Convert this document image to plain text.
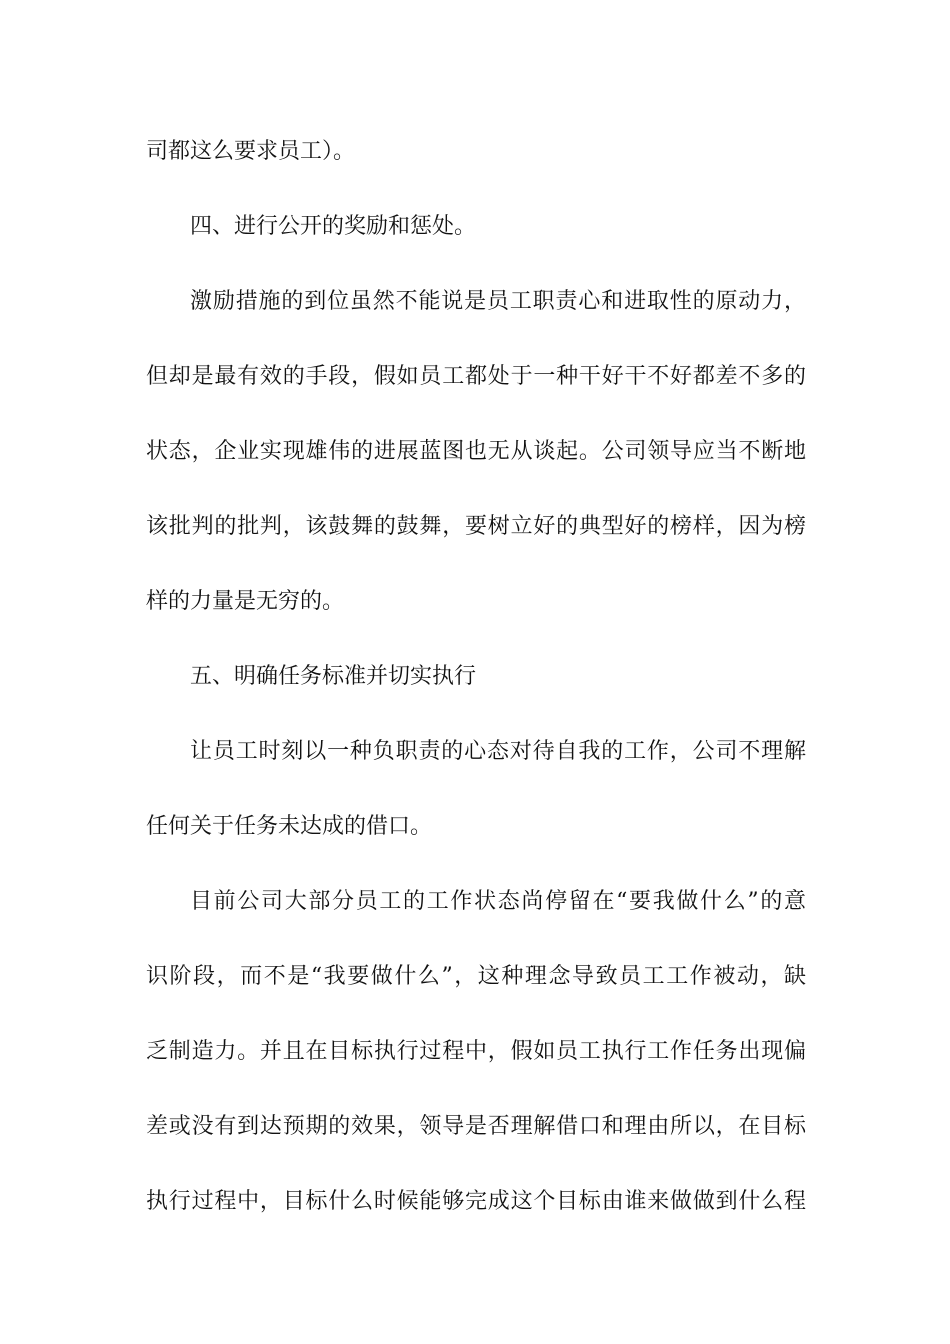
司都这么要求员工）。
四、进行公开的奖励和惩处。
激励措施的到位虽然不能说是员工职责心和进取性的原动力，
但却是最有效的手段，假如员工都处于一种干好干不好都差不多的
状态，企业实现雄伟的进展蓝图也无从谈起。公司领导应当不断地
该批判的批判，该鼓舞的鼓舞，要树立好的典型好的榜样，因为榜
样的力量是无穷的。
五、明确任务标准并切实执行
让员工时刻以一种负职责的心态对待自我的工作，公司不理解
任何关于任务未达成的借口。
目前公司大部分员工的工作状态尚停留在“要我做什么”的意
识阶段，而不是“我要做什么”，这种理念导致员工工作被动，缺
乏制造力。并且在目标执行过程中，假如员工执行工作任务出现偏
差或没有到达预期的效果，领导是否理解借口和理由所以，在目标
执行过程中，目标什么时候能够完成这个目标由谁来做做到什么程
